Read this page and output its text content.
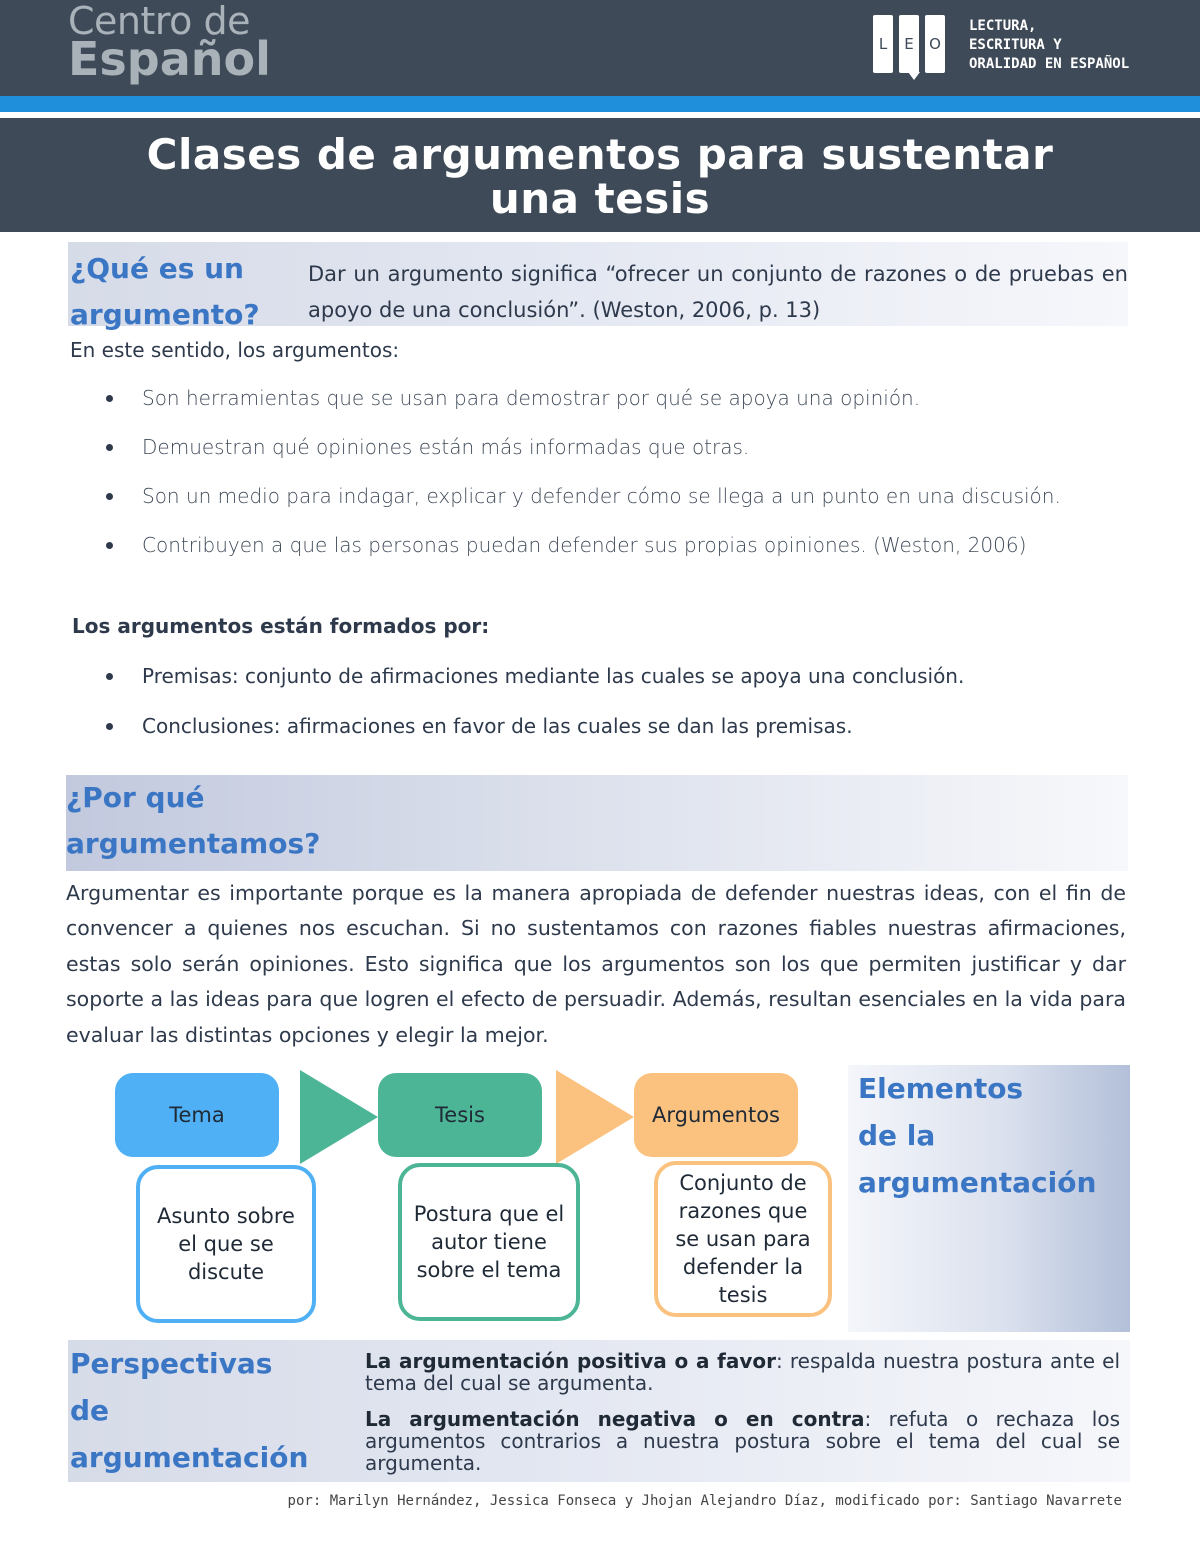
Centro de
Español	L	E	O
LECTURA,
ESCRITURA Y
ORALIDAD EN ESPAÑOL
Clases de argumentos para sustentar
una tesis
¿Qué es un
argumento?
Dar un argumento significa “ofrecer un conjunto de razones o de pruebas en apoyo de una conclusión”. (Weston, 2006, p. 13)
En este sentido, los argumentos:
Son herramientas que se usan para demostrar por qué se apoya una opinión.
Demuestran qué opiniones están más informadas que otras.
Son un medio para indagar, explicar y defender cómo se llega a un punto en una discusión.
Contribuyen a que las personas puedan defender sus propias opiniones. (Weston, 2006)
Los argumentos están formados por:
Premisas: conjunto de afirmaciones mediante las cuales se apoya una conclusión.
Conclusiones: afirmaciones en favor de las cuales se dan las premisas.
¿Por qué
argumentamos?
Argumentar es importante porque es la manera apropiada de defender nuestras ideas, con el fin de convencer a quienes nos escuchan. Si no sustentamos con razones fiables nuestras afirmaciones, estas solo serán opiniones. Esto significa que los argumentos son los que permiten justificar y dar soporte a las ideas para que logren el efecto de persuadir. Además, resultan esenciales en la vida para evaluar las distintas opciones y elegir la mejor.
Elementos
de la
argumentación
Tema	Tesis	Argumentos
Asunto sobre el que se discute
Postura que el autor tiene sobre el tema
Conjunto de razones que se usan para defender la tesis
Perspectivas
de
argumentación
La argumentación positiva o a favor: respalda nuestra postura ante el tema del cual se argumenta.
La argumentación negativa o en contra: refuta o rechaza los argumentos contrarios a nuestra postura sobre el tema del cual se argumenta.
por: Marilyn Hernández, Jessica Fonseca y Jhojan Alejandro Díaz, modificado por: Santiago Navarrete
